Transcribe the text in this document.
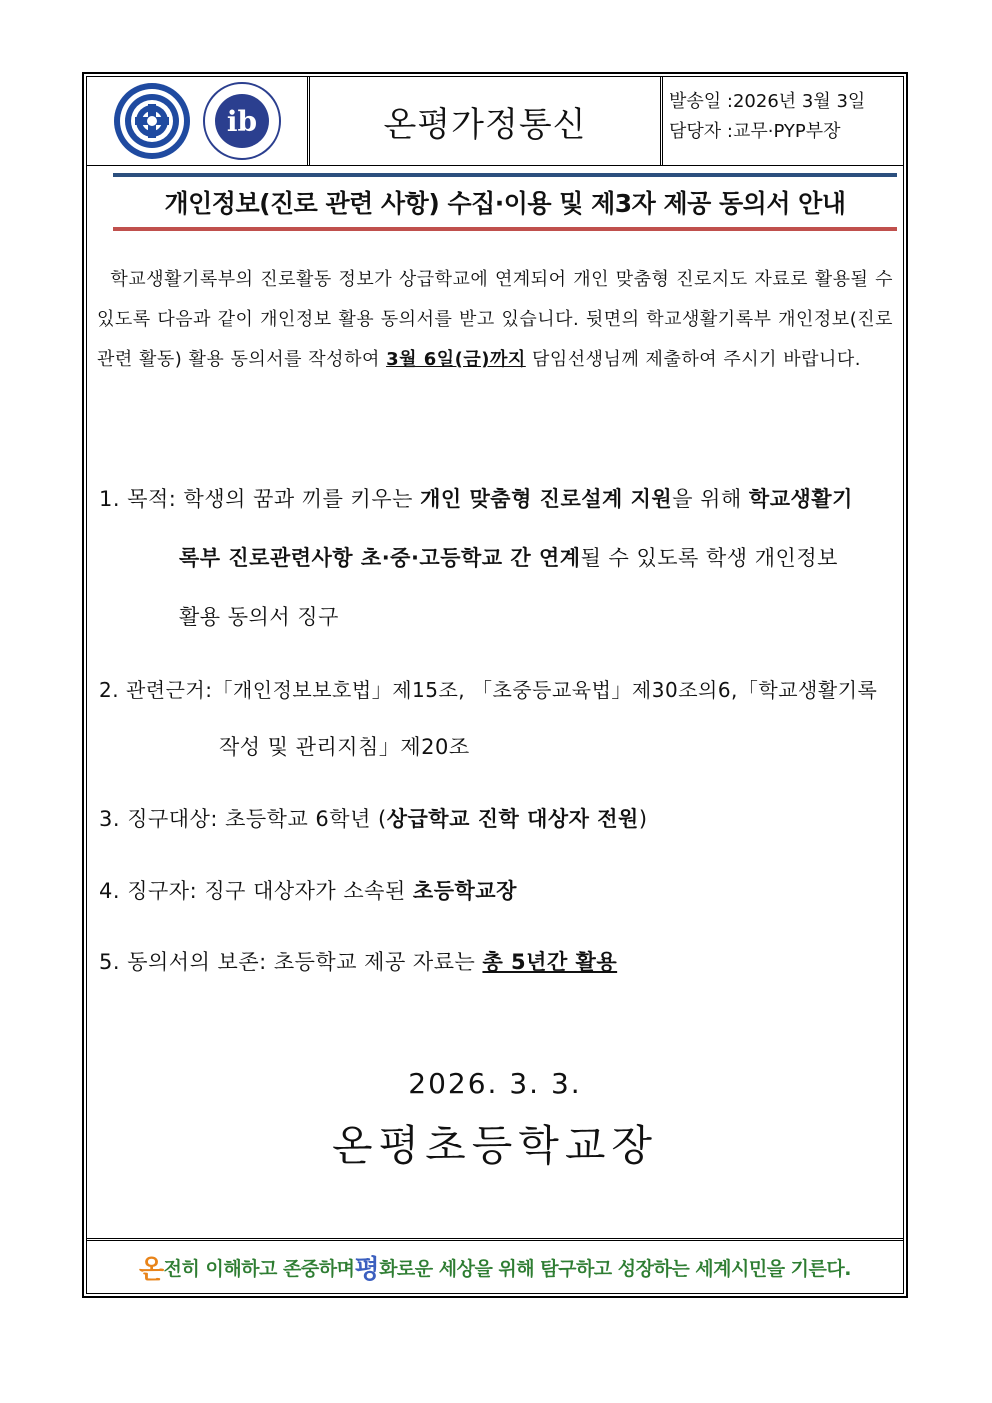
ib	온평가정통신
발송일 :2026년 3월 3일
담당자 :교무·PYP부장
개인정보(진로 관련 사항) 수집·이용 및 제3자 제공 동의서 안내
학교생활기록부의 진로활동 정보가 상급학교에 연계되어 개인 맞춤형 진로지도 자료로 활용될 수 있도록 다음과 같이 개인정보 활용 동의서를 받고 있습니다. 뒷면의 학교생활기록부 개인정보(진로 관련 활동) 활용 동의서를 작성하여 3월 6일(금)까지 담임선생님께 제출하여 주시기 바랍니다.
1. 목적: 학생의 꿈과 끼를 키우는 개인 맞춤형 진로설계 지원을 위해 학교생활기
록부 진로관련사항 초·중·고등학교 간 연계될 수 있도록 학생 개인정보
활용 동의서 징구
2. 관련근거:「개인정보보호법」제15조, 「초중등교육법」제30조의6,「학교생활기록
작성 및 관리지침」제20조
3. 징구대상: 초등학교 6학년 (상급학교 진학 대상자 전원)
4. 징구자: 징구 대상자가 소속된 초등학교장
5. 동의서의 보존: 초등학교 제공 자료는 총 5년간 활용
2026. 3. 3.
온평초등학교장
온 전히 이해하고 존중하며 평 화로운 세상을 위해 탐구하고 성장하는 세계시민을 기른다.
